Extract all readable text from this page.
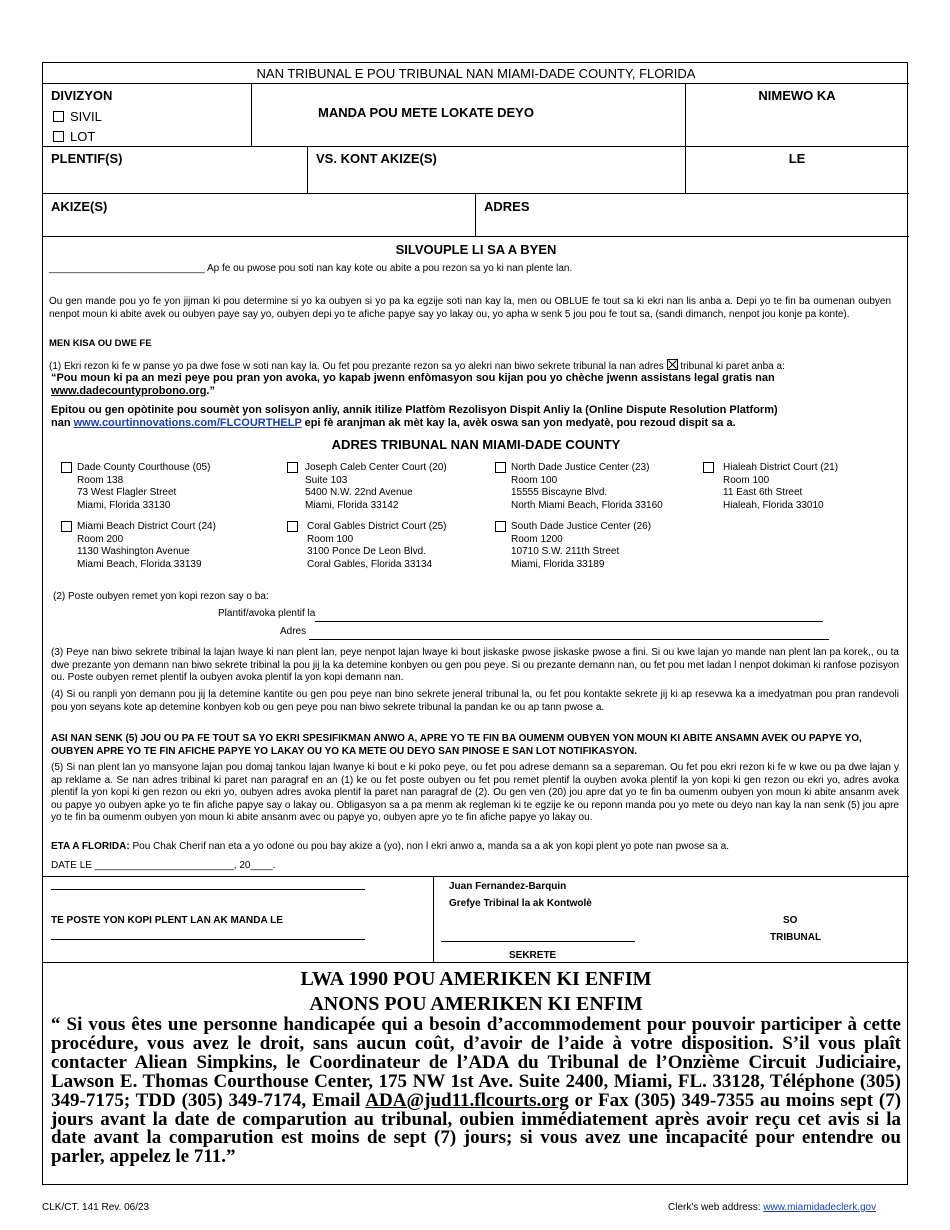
NAN TRIBUNAL E POU TRIBUNAL NAN MIAMI-DADE COUNTY, FLORIDA
DIVIZYON
SIVIL
LOT
MANDA POU METE LOKATE DEYO
NIMEWO KA
PLENTIF(S)	VS. KONT AKIZE(S)	LE
AKIZE(S)	ADRES
SILVOUPLE LI SA A BYEN
____________________________ Ap fe ou pwose pou soti nan kay kote ou abite a pou rezon sa yo ki nan plente lan.
Ou gen mande pou yo fe yon jijman ki pou determine si yo ka oubyen si yo pa ka egzije soti nan kay la, men ou OBLUE fe tout sa ki ekri nan lis anba a. Depi yo te fin ba oumenan oubyen nenpot moun ki abite avek ou oubyen paye say yo, oubyen depi yo te afiche papye say yo lakay ou, yo apha w senk 5 jou pou fe tout sa, (sandi dimanch, nenpot jou konje pa konte).
MEN KISA OU DWE FE
(1) Ekri rezon ki fe w panse yo pa dwe fose w soti nan kay la. Ou fet pou prezante rezon sa yo alekri nan biwo sekrete tribunal la nan adres tribunal ki paret anba a:
“Pou moun ki pa an mezi peye pou pran yon avoka, yo kapab jwenn enfòmasyon sou kijan pou yo chèche jwenn assistans legal gratis nan
www.dadecountyprobono.org.”
Epitou ou gen opòtinite pou soumèt yon solisyon anliy, annik itilize Platfòm Rezolisyon Dispit Anliy la (Online Dispute Resolution Platform)
nan www.courtinnovations.com/FLCOURTHELP epi fè aranjman ak mèt kay la, avèk oswa san yon medyatè, pou rezoud dispit sa a.
ADRES TRIBUNAL NAN MIAMI-DADE COUNTY
Dade County Courthouse (05)
Room 138
73 West Flagler Street
Miami, Florida 33130
Joseph Caleb Center Court (20)
Suite 103
5400 N.W. 22nd Avenue
Miami, Florida 33142
North Dade Justice Center (23)
Room 100
15555 Biscayne Blvd.
North Miami Beach, Florida 33160
Hialeah District Court (21)
Room 100
11 East 6th Street
Hialeah, Florida 33010
Miami Beach District Court (24)
Room 200
1130 Washington Avenue
Miami Beach, Florida 33139
Coral Gables District Court (25)
Room 100
3100 Ponce De Leon Blvd.
Coral Gables, Florida 33134
South Dade Justice Center (26)
Room 1200
10710 S.W. 211th Street
Miami, Florida 33189
(2) Poste oubyen remet yon kopi rezon say o ba:
Plantif/avoka plentif la
Adres
(3) Peye nan biwo sekrete tribinal la lajan lwaye ki nan plent lan, peye nenpot lajan lwaye ki bout jiskaske pwose jiskaske pwose a fini. Si ou kwe lajan yo mande nan plent lan pa korek,, ou ta dwe prezante yon demann nan biwo sekrete tribinal la pou jij la ka detemine konbyen ou gen pou peye. Si ou prezante demann nan, ou fet pou met ladan l nenpot dokiman ki ranfose pozisyon ou. Poste oubyen remet plentif la oubyen avoka plentif la yon kopi demann nan.
(4) Si ou ranpli yon demann pou jij la detemine kantite ou gen pou peye nan bino sekrete jeneral tribunal la, ou fet pou kontakte sekrete jij ki ap resevwa ka a imedyatman pou pran randevoli pou yon seyans kote ap detemine konbyen kob ou gen peye pou nan biwo sekrete tribunal la pandan ke ou ap tann pwose a.
ASI NAN SENK (5) JOU OU PA FE TOUT SA YO EKRI SPESIFIKMAN ANWO A, APRE YO TE FIN BA OUMENM OUBYEN YON MOUN KI ABITE ANSAMN AVEK OU PAPYE YO, OUBYEN APRE YO TE FIN AFICHE PAPYE YO LAKAY OU YO KA METE OU DEYO SAN PINOSE E SAN LOT NOTIFIKASYON.
(5) Si nan plent lan yo mansyone lajan pou domaj tankou lajan lwanye ki bout e ki poko peye, ou fet pou adrese demann sa a separeman. Ou fet pou ekri rezon ki fe w kwe ou pa dwe lajan y ap reklame a. Se nan adres tribinal ki paret nan paragraf en an (1) ke ou fet poste oubyen ou fet pou remet plentif la ouyben avoka plentif la yon kopi ki gen rezon ou ekri yo, adres avoka plentif la yon kopi ki gen rezon ou ekri yo, oubyen adres avoka plentif la paret nan paragraf de (2). Ou gen ven (20) jou apre dat yo te fin ba oumenm oubyen yon moun ki abite ansanm avek ou papye yo oubyen apke yo te fin afiche papye say o lakay ou. Obligasyon sa a pa menm ak regleman ki te egzije ke ou reponn manda pou yo mete ou deyo nan kay la nan senk (5) jou apre yo te fin ba oumenm oubyen yon moun ki abite ansanm avec ou papye yo, oubyen apre yo te fin afiche papye yo lakay ou.
ETA A FLORIDA: Pou Chak Cherif nan eta a yo odone ou pou bay akize a (yo), non l ekri anwo a, manda sa a ak yon kopi plent yo pote nan pwose sa a.
DATE LE _________________________, 20____.
TE POSTE YON KOPI PLENT LAN AK MANDA LE
Juan Fernandez-Barquin
Grefye Tribinal la ak Kontwolè
SO
TRIBUNAL
SEKRETE
LWA 1990 POU AMERIKEN KI ENFIM
ANONS POU AMERIKEN KI ENFIM
“ Si vous êtes une personne handicapée qui a besoin d’accommodement pour pouvoir participer à cette procédure, vous avez le droit, sans aucun coût, d’avoir de l’aide à votre disposition. S’il vous plaît contacter Aliean Simpkins, le Coordinateur de l’ADA du Tribunal de l’Onzième Circuit Judiciaire, Lawson E. Thomas Courthouse Center, 175 NW 1st Ave. Suite 2400, Miami, FL. 33128, Téléphone (305) 349-7175; TDD (305) 349-7174, Email ADA@jud11.flcourts.org or Fax (305) 349-7355 au moins sept (7) jours avant la date de comparution au tribunal, oubien immédiatement après avoir reçu cet avis si la date avant la comparution est moins de sept (7) jours; si vous avez une incapacité pour entendre ou parler, appelez le 711.”
CLK/CT. 141 Rev. 06/23	Clerk's web address: www.miamidadeclerk.gov
